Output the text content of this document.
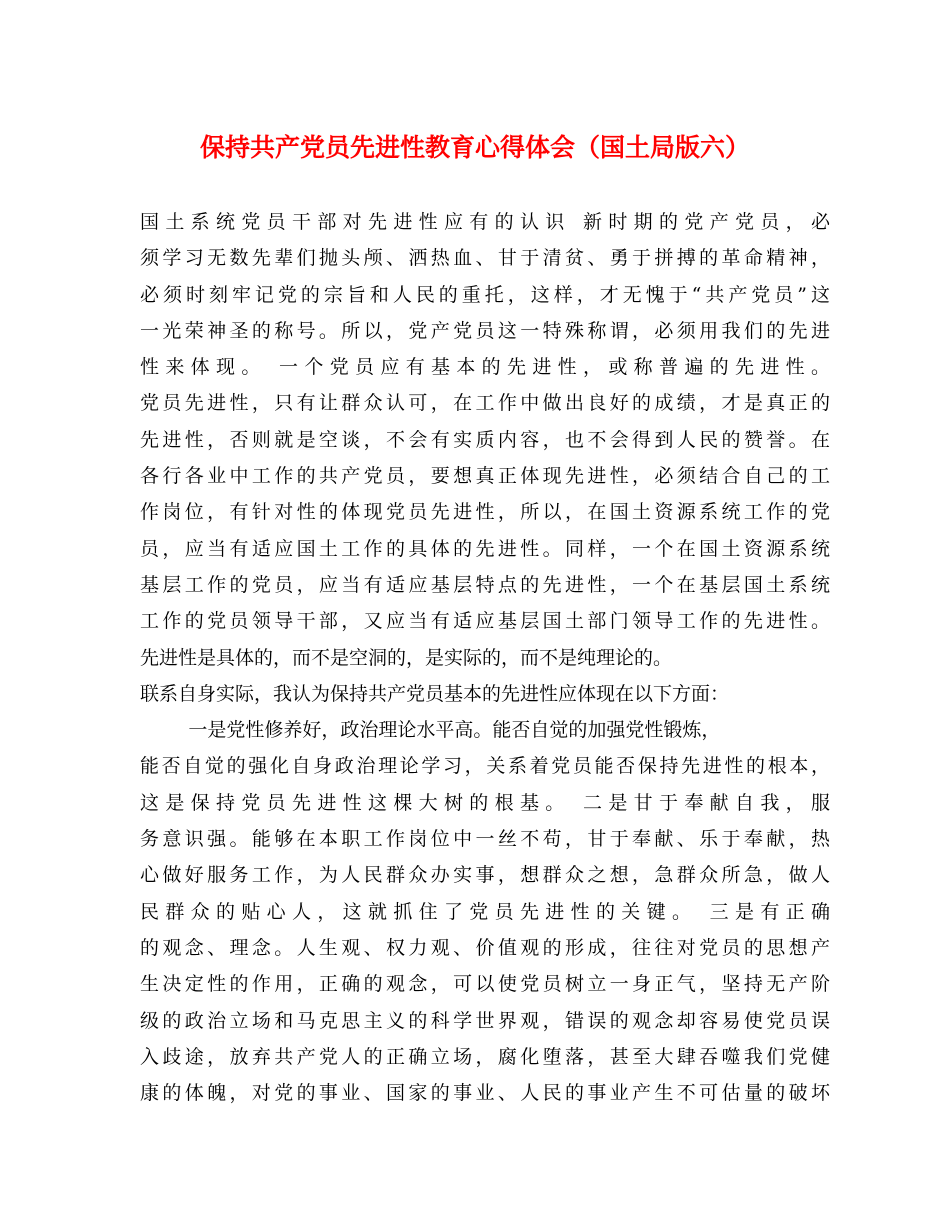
保持共产党员先进性教育心得体会（国土局版六）
国土系统党员干部对先进性应有的认识 新时期的党产党员，必
须学习无数先辈们抛头颅、洒热血、甘于清贫、勇于拼搏的革命精神，
必须时刻牢记党的宗旨和人民的重托，这样，才无愧于“共产党员”这
一光荣神圣的称号。所以，党产党员这一特殊称谓，必须用我们的先进
性来体现。 一个党员应有基本的先进性，或称普遍的先进性。
党员先进性，只有让群众认可，在工作中做出良好的成绩，才是真正的
先进性，否则就是空谈，不会有实质内容，也不会得到人民的赞誉。在
各行各业中工作的共产党员，要想真正体现先进性，必须结合自己的工
作岗位，有针对性的体现党员先进性，所以，在国土资源系统工作的党
员，应当有适应国土工作的具体的先进性。同样，一个在国土资源系统
基层工作的党员，应当有适应基层特点的先进性，一个在基层国土系统
工作的党员领导干部，又应当有适应基层国土部门领导工作的先进性。
先进性是具体的，而不是空洞的，是实际的，而不是纯理论的。
联系自身实际，我认为保持共产党员基本的先进性应体现在以下方面：
一是党性修养好，政治理论水平高。能否自觉的加强党性锻炼，
能否自觉的强化自身政治理论学习，关系着党员能否保持先进性的根本，
这是保持党员先进性这棵大树的根基。 二是甘于奉献自我，服
务意识强。能够在本职工作岗位中一丝不苟，甘于奉献、乐于奉献，热
心做好服务工作，为人民群众办实事，想群众之想，急群众所急，做人
民群众的贴心人，这就抓住了党员先进性的关键。 三是有正确
的观念、理念。人生观、权力观、价值观的形成，往往对党员的思想产
生决定性的作用，正确的观念，可以使党员树立一身正气，坚持无产阶
级的政治立场和马克思主义的科学世界观，错误的观念却容易使党员误
入歧途，放弃共产党人的正确立场，腐化堕落，甚至大肆吞噬我们党健
康的体魄，对党的事业、国家的事业、人民的事业产生不可估量的破坏
